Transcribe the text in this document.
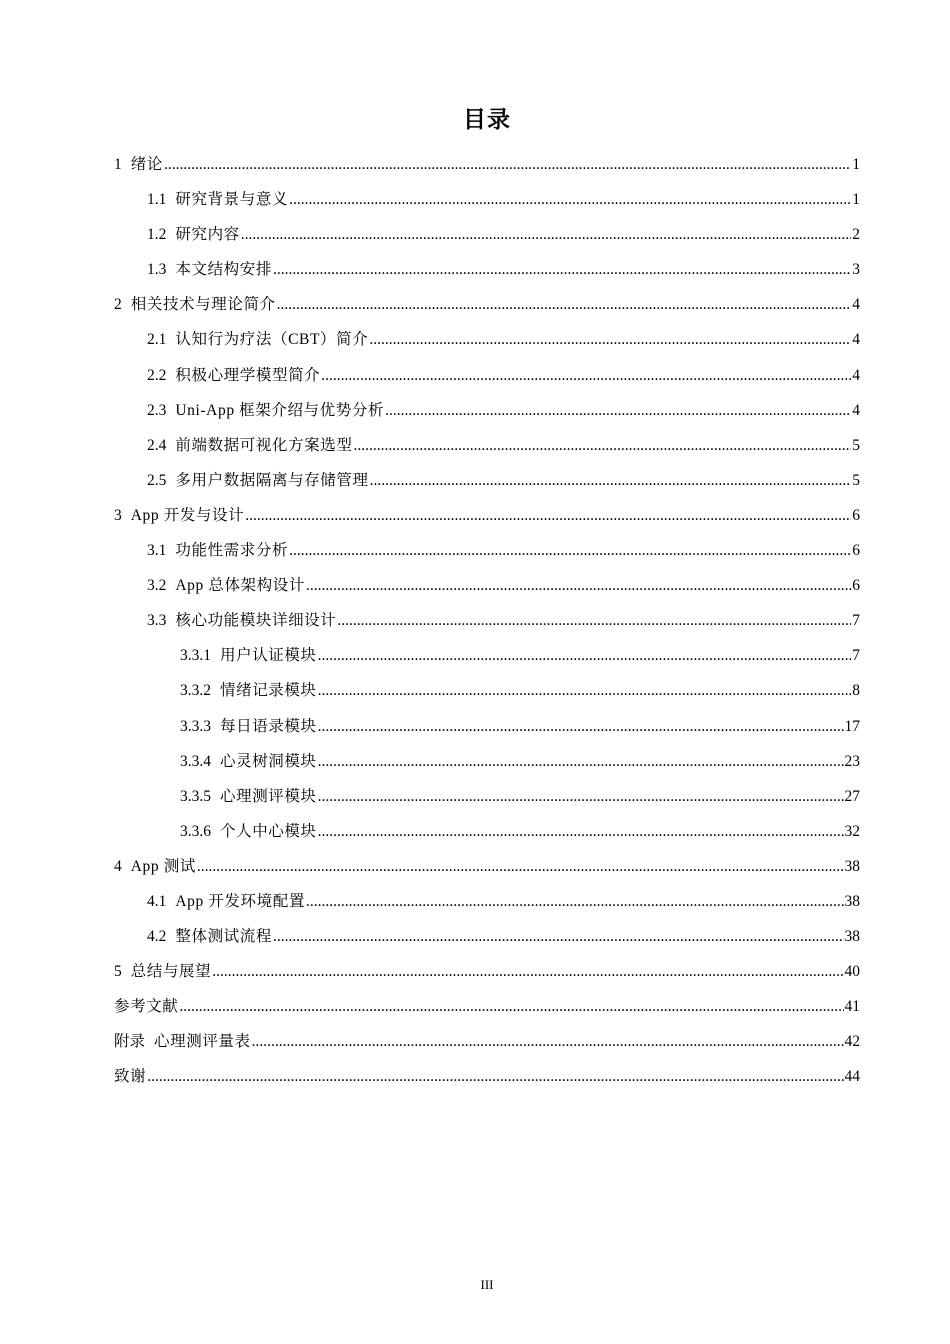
目录
1 绪论 .....	1
1.1 研究背景与意义 .....	1
1.2 研究内容 .....	2
1.3 本文结构安排 .....	3
2 相关技术与理论简介 .....	4
2.1 认知行为疗法（CBT）简介 .....	4
2.2 积极心理学模型简介 .....	4
2.3 Uni-App 框架介绍与优势分析 .....	4
2.4 前端数据可视化方案选型 .....	5
2.5 多用户数据隔离与存储管理 .....	5
3 App 开发与设计 .....	6
3.1 功能性需求分析 .....	6
3.2 App 总体架构设计 .....	6
3.3 核心功能模块详细设计 .....	7
3.3.1 用户认证模块 .....	7
3.3.2 情绪记录模块 .....	8
3.3.3 每日语录模块 .....	17
3.3.4 心灵树洞模块 .....	23
3.3.5 心理测评模块 .....	27
3.3.6 个人中心模块 .....	32
4 App 测试 .....	38
4.1 App 开发环境配置 .....	38
4.2 整体测试流程 .....	38
5 总结与展望 .....	40
参考文献 .....	41
附录 心理测评量表 .....	42
致谢 .....	44
III
